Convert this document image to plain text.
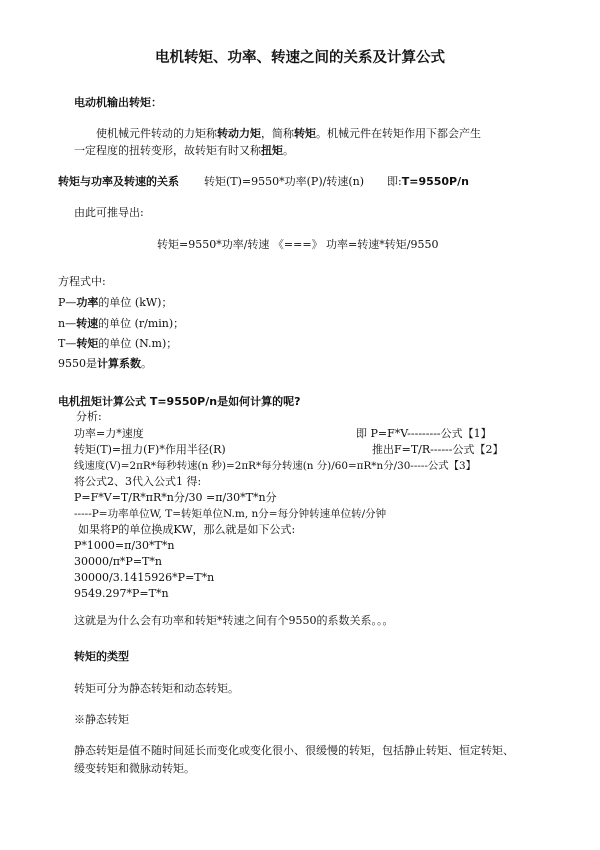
电机转矩、功率、转速之间的关系及计算公式
电动机输出转矩：
使机械元件转动的力矩称转动力矩，简称转矩。机械元件在转矩作用下都会产生
一定程度的扭转变形，故转矩有时又称扭矩。
转矩与功率及转速的关系 转矩(T)=9550*功率(P)/转速(n) 即:T=9550P/n
由此可推导出:
转矩=9550*功率/转速 《===》 功率=转速*转矩/9550
方程式中:
P—功率的单位 (kW)；
n—转速的单位 (r/min)；
T—转矩的单位 (N.m)；
9550是计算系数。
电机扭矩计算公式 T=9550P/n是如何计算的呢?
分析:
功率=力*速度	即 P=F*V---------公式【1】
转矩(T)=扭力(F)*作用半径(R)	推出F=T/R------公式【2】
线速度(V)=2πR*每秒转速(n 秒)=2πR*每分转速(n 分)/60=πR*n分/30-----公式【3】
将公式2、3代入公式1 得:
P=F*V=T/R*πR*n分/30 =π/30*T*n分
-----P=功率单位W, T=转矩单位N.m, n分=每分钟转速单位转/分钟
如果将P的单位换成KW，那么就是如下公式:
P*1000=π/30*T*n
30000/π*P=T*n
30000/3.1415926*P=T*n
9549.297*P=T*n
这就是为什么会有功率和转矩*转速之间有个9550的系数关系。。。
转矩的类型
转矩可分为静态转矩和动态转矩。
※静态转矩
静态转矩是值不随时间延长而变化或变化很小、很缓慢的转矩，包括静止转矩、恒定转矩、
缓变转矩和微脉动转矩。
